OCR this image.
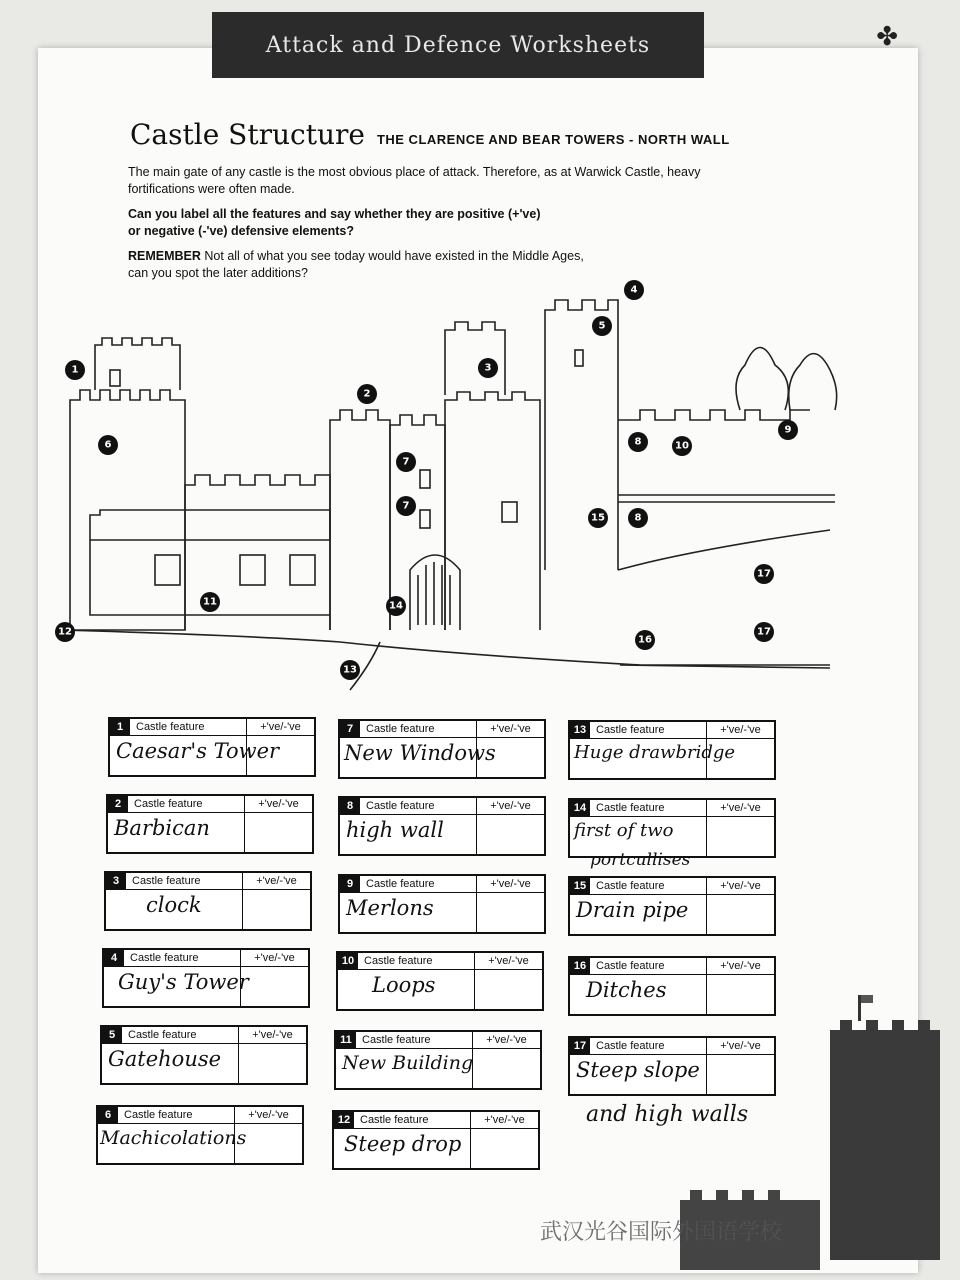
Attack and Defence Worksheets	✤
Castle Structure THE CLARENCE AND BEAR TOWERS - NORTH WALL
The main gate of any castle is the most obvious place of attack. Therefore, as at Warwick Castle, heavy fortifications were often made.
Can you label all the features and say whether they are positive (+'ve)
or negative (-'ve) defensive elements?
REMEMBER Not all of what you see today would have existed in the Middle Ages,
can you spot the later additions?
1
2
3
4
5
6
7
7
8
8
9
10
11
12
13
14
15
16
17
17
1	Castle feature	+'ve/-'ve
Caesar's Tower
2	Castle feature	+'ve/-'ve
Barbican
3	Castle feature	+'ve/-'ve
clock
4	Castle feature	+'ve/-'ve
Guy's Tower
5	Castle feature	+'ve/-'ve
Gatehouse
6	Castle feature	+'ve/-'ve
Machicolations
7	Castle feature	+'ve/-'ve
New Windows
8	Castle feature	+'ve/-'ve
high wall
9	Castle feature	+'ve/-'ve
Merlons
10 Castle feature	+'ve/-'ve
Loops
11 Castle feature	+'ve/-'ve
New Building
12 Castle feature	+'ve/-'ve
Steep drop
13 Castle feature	+'ve/-'ve
Huge drawbridge
14 Castle feature	+'ve/-'ve
first of two
portcullises
15 Castle feature	+'ve/-'ve
Drain pipe
16 Castle feature	+'ve/-'ve
Ditches
17 Castle feature	+'ve/-'ve
Steep slope
and high walls
武汉光谷国际外国语学校
